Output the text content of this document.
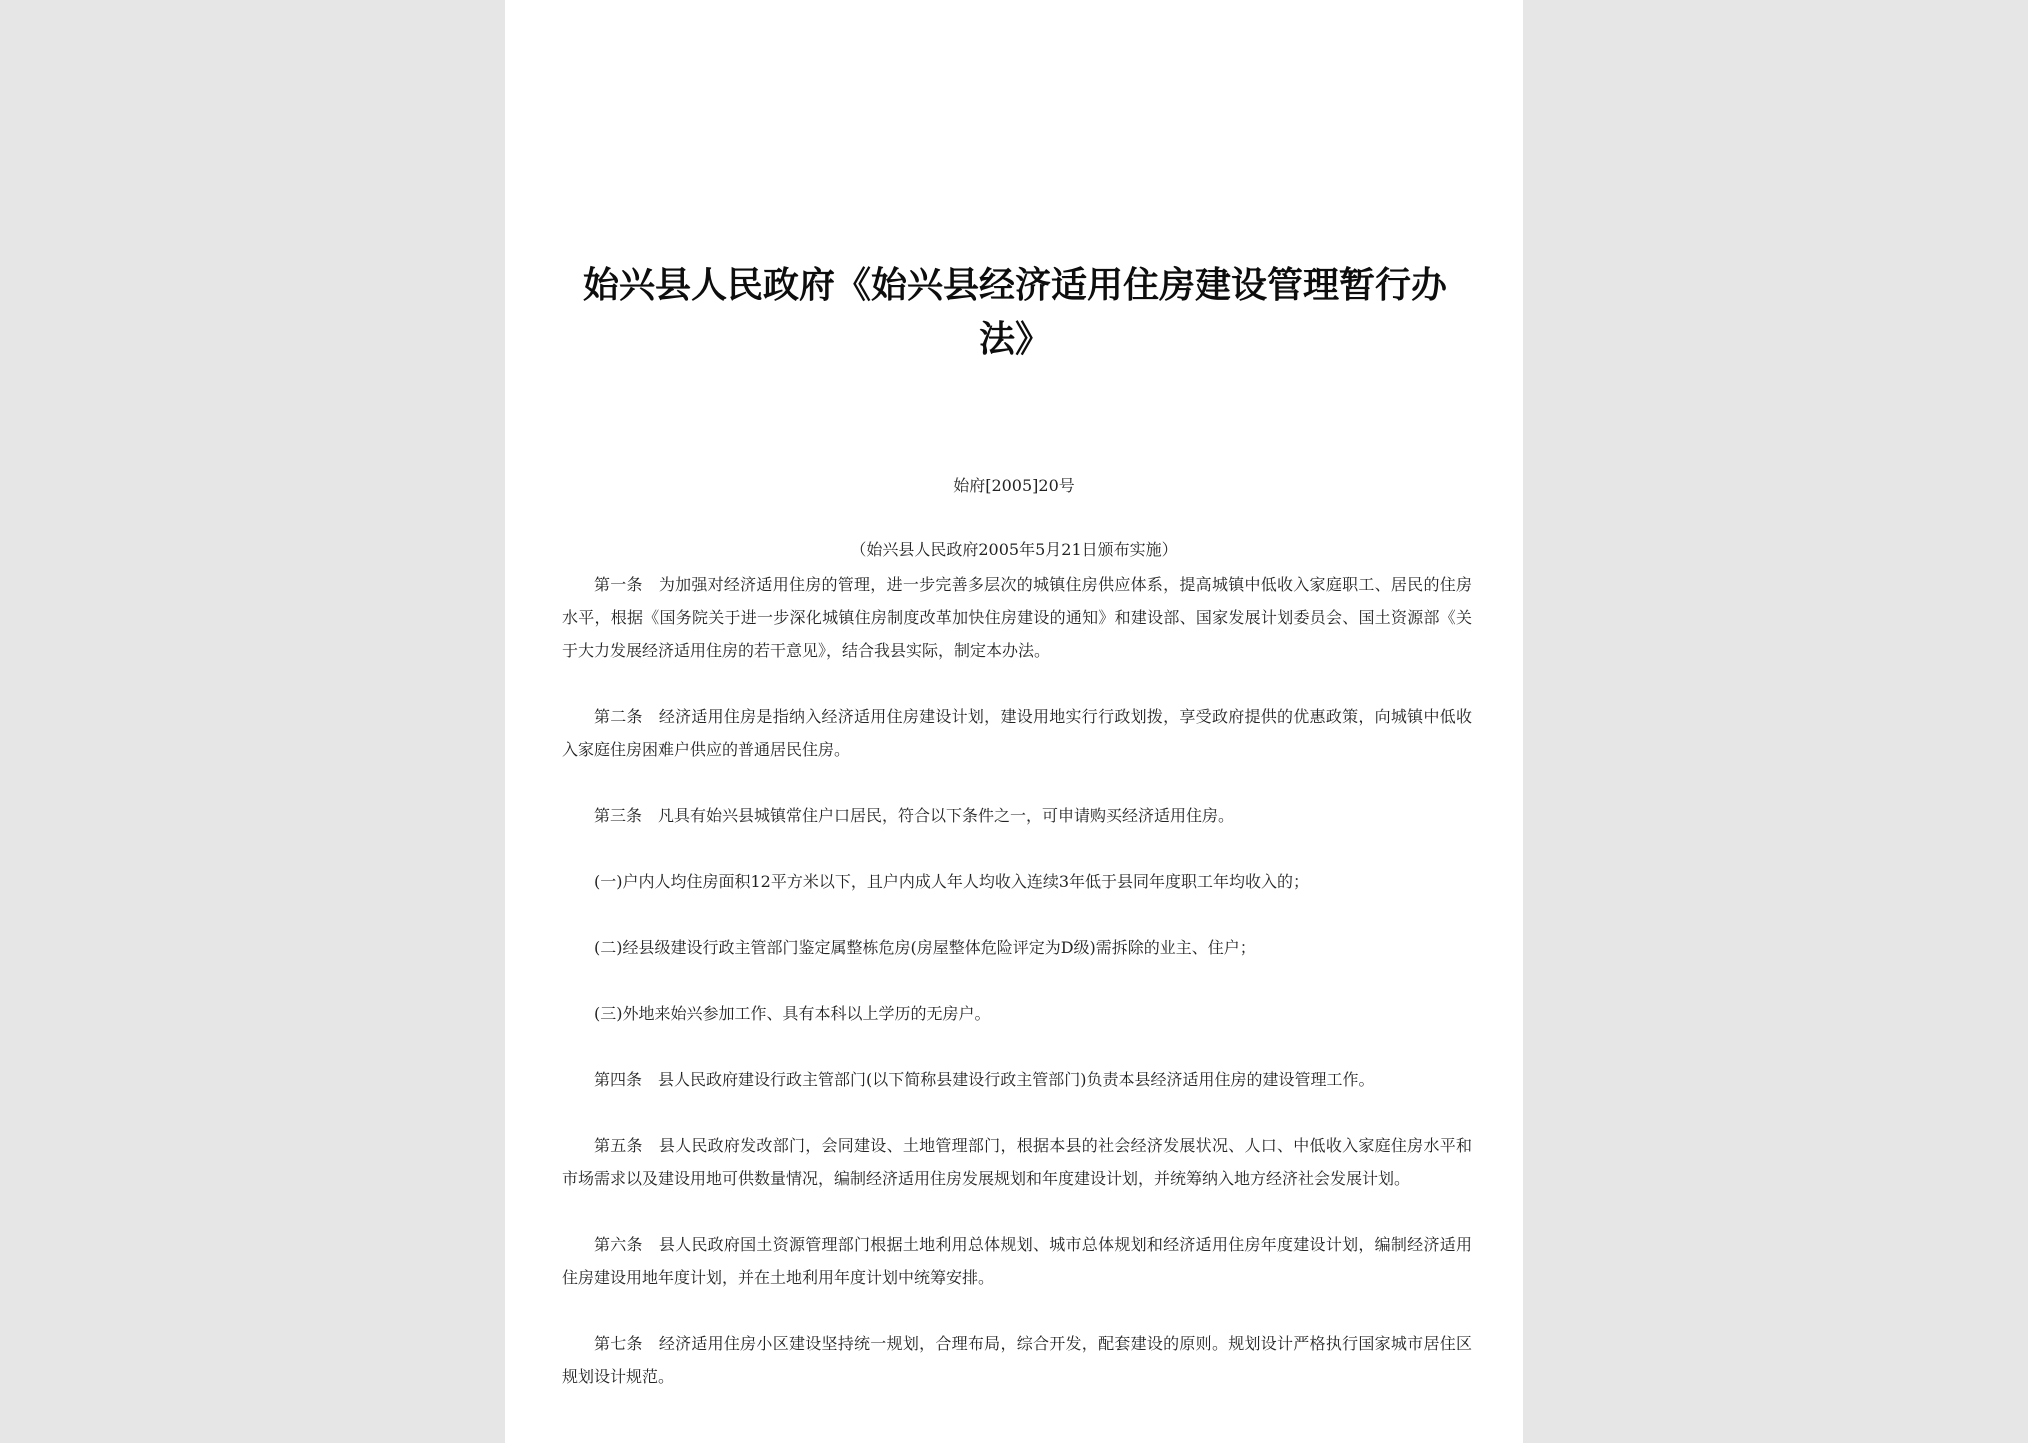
始兴县人民政府《始兴县经济适用住房建设管理暂行办法》

始府[2005]20号

（始兴县人民政府2005年5月21日颁布实施）

第一条 为加强对经济适用住房的管理，进一步完善多层次的城镇住房供应体系，提高城镇中低收入家庭职工、居民的住房水平，根据《国务院关于进一步深化城镇住房制度改革加快住房建设的通知》和建设部、国家发展计划委员会、国土资源部《关于大力发展经济适用住房的若干意见》，结合我县实际，制定本办法。

第二条 经济适用住房是指纳入经济适用住房建设计划，建设用地实行行政划拨，享受政府提供的优惠政策，向城镇中低收入家庭住房困难户供应的普通居民住房。

第三条 凡具有始兴县城镇常住户口居民，符合以下条件之一，可申请购买经济适用住房。

(一)户内人均住房面积12平方米以下，且户内成人年人均收入连续3年低于县同年度职工年均收入的；

(二)经县级建设行政主管部门鉴定属整栋危房(房屋整体危险评定为D级)需拆除的业主、住户；

(三)外地来始兴参加工作、具有本科以上学历的无房户。

第四条 县人民政府建设行政主管部门(以下简称县建设行政主管部门)负责本县经济适用住房的建设管理工作。

第五条 县人民政府发改部门，会同建设、土地管理部门，根据本县的社会经济发展状况、人口、中低收入家庭住房水平和市场需求以及建设用地可供数量情况，编制经济适用住房发展规划和年度建设计划，并统筹纳入地方经济社会发展计划。

第六条 县人民政府国土资源管理部门根据土地利用总体规划、城市总体规划和经济适用住房年度建设计划，编制经济适用住房建设用地年度计划，并在土地利用年度计划中统筹安排。

第七条 经济适用住房小区建设坚持统一规划，合理布局，综合开发，配套建设的原则。规划设计严格执行国家城市居住区规划设计规范。
